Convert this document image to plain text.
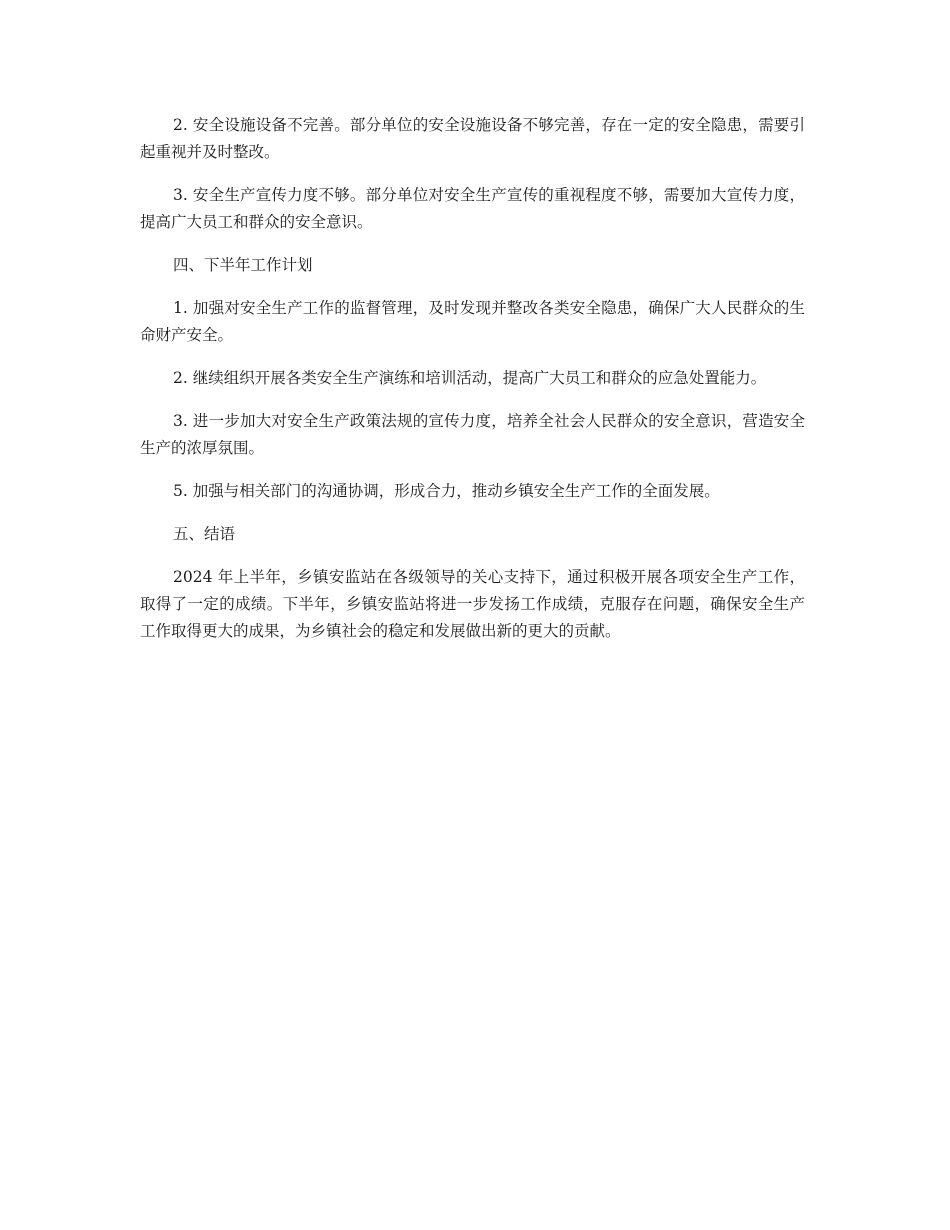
2. 安全设施设备不完善。部分单位的安全设施设备不够完善，存在一定的安全隐患，需要引起重视并及时整改。

3. 安全生产宣传力度不够。部分单位对安全生产宣传的重视程度不够，需要加大宣传力度，提高广大员工和群众的安全意识。

四、下半年工作计划

1. 加强对安全生产工作的监督管理，及时发现并整改各类安全隐患，确保广大人民群众的生命财产安全。

2. 继续组织开展各类安全生产演练和培训活动，提高广大员工和群众的应急处置能力。

3. 进一步加大对安全生产政策法规的宣传力度，培养全社会人民群众的安全意识，营造安全生产的浓厚氛围。

5. 加强与相关部门的沟通协调，形成合力，推动乡镇安全生产工作的全面发展。

五、结语

2024 年上半年，乡镇安监站在各级领导的关心支持下，通过积极开展各项安全生产工作，取得了一定的成绩。下半年，乡镇安监站将进一步发扬工作成绩，克服存在问题，确保安全生产工作取得更大的成果，为乡镇社会的稳定和发展做出新的更大的贡献。
